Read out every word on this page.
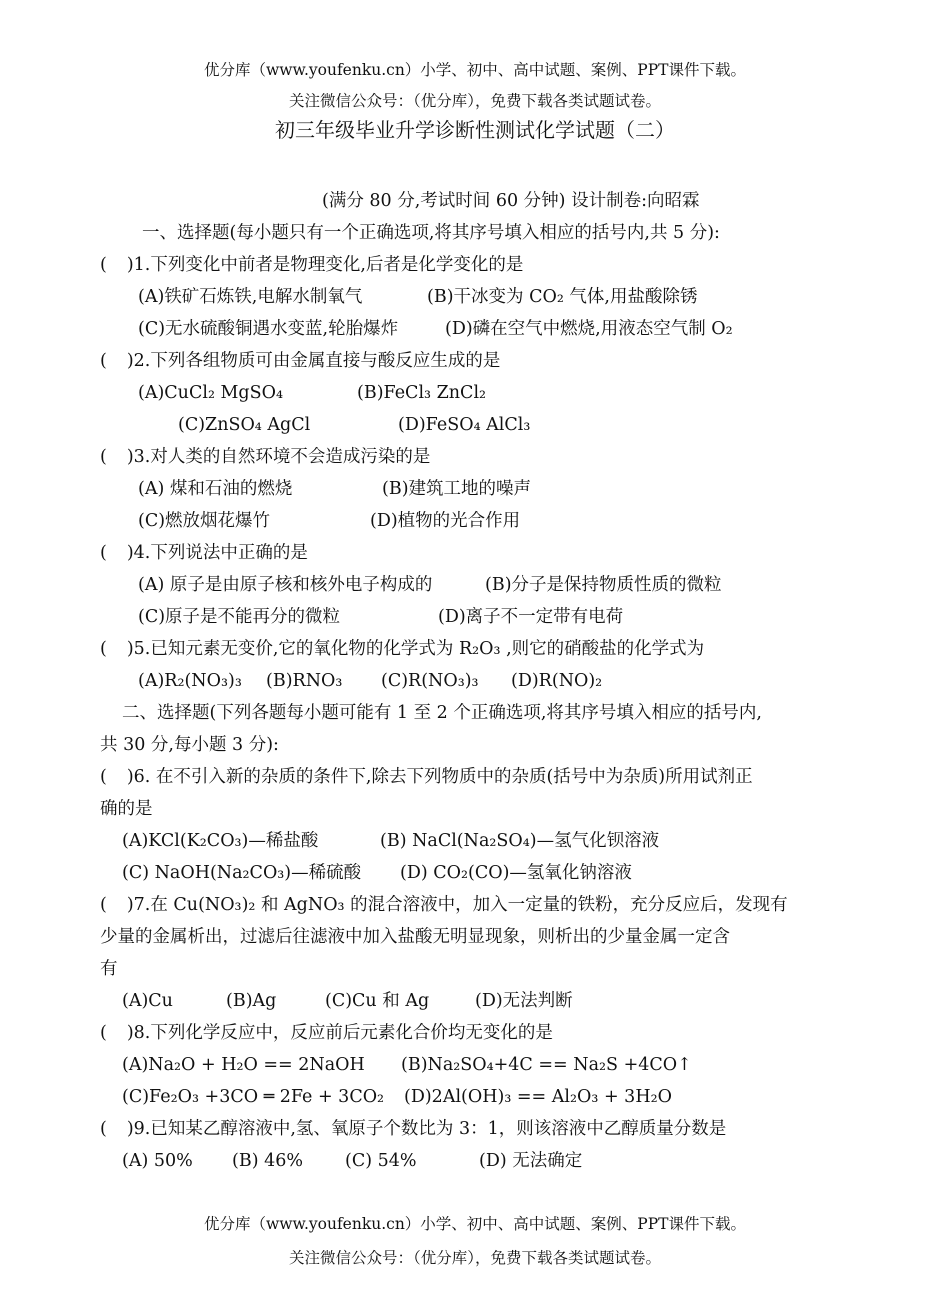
优分库（www.youfenku.cn）小学、初中、高中试题、案例、PPT课件下载。
关注微信公众号：（优分库），免费下载各类试题试卷。
初三年级毕业升学诊断性测试化学试题（二）
(满分 80 分,考试时间 60 分钟) 设计制卷:向昭霖
一、选择题(每小题只有一个正确选项,将其序号填入相应的括号内,共 5 分):
( )1.下列变化中前者是物理变化,后者是化学变化的是
(A)铁矿石炼铁,电解水制氧气	(B)干冰变为 CO₂ 气体,用盐酸除锈
(C)无水硫酸铜遇水变蓝,轮胎爆炸	(D)磷在空气中燃烧,用液态空气制 O₂
( )2.下列各组物质可由金属直接与酸反应生成的是
(A)CuCl₂ MgSO₄	(B)FeCl₃ ZnCl₂
(C)ZnSO₄ AgCl	(D)FeSO₄ AlCl₃
( )3.对人类的自然环境不会造成污染的是
(A) 煤和石油的燃烧	(B)建筑工地的噪声
(C)燃放烟花爆竹	(D)植物的光合作用
( )4.下列说法中正确的是
(A) 原子是由原子核和核外电子构成的	(B)分子是保持物质性质的微粒
(C)原子是不能再分的微粒	(D)离子不一定带有电荷
( )5.已知元素无变价,它的氧化物的化学式为 R₂O₃ ,则它的硝酸盐的化学式为
(A)R₂(NO₃)₃ (B)RNO₃ (C)R(NO₃)₃ (D)R(NO)₂
二、选择题(下列各题每小题可能有 1 至 2 个正确选项,将其序号填入相应的括号内,
共 30 分,每小题 3 分):
( )6. 在不引入新的杂质的条件下,除去下列物质中的杂质(括号中为杂质)所用试剂正
确的是
(A)KCl(K₂CO₃)—稀盐酸	(B) NaCl(Na₂SO₄)—氢气化钡溶液
(C) NaOH(Na₂CO₃)—稀硫酸 (D) CO₂(CO)—氢氧化钠溶液
( )7.在 Cu(NO₃)₂ 和 AgNO₃ 的混合溶液中，加入一定量的铁粉，充分反应后，发现有
少量的金属析出，过滤后往滤液中加入盐酸无明显现象，则析出的少量金属一定含
有
(A)Cu	(B)Ag	(C)Cu 和 Ag	(D)无法判断
( )8.下列化学反应中，反应前后元素化合价均无变化的是
(A)Na₂O + H₂O == 2NaOH (B)Na₂SO₄+4C == Na₂S +4CO↑
(C)Fe₂O₃ +3CO ═ 2Fe + 3CO₂ (D)2Al(OH)₃ == Al₂O₃ + 3H₂O
( )9.已知某乙醇溶液中,氢、氧原子个数比为 3：1，则该溶液中乙醇质量分数是
(A) 50% (B) 46% (C) 54%	(D) 无法确定
优分库（www.youfenku.cn）小学、初中、高中试题、案例、PPT课件下载。
关注微信公众号：（优分库），免费下载各类试题试卷。
